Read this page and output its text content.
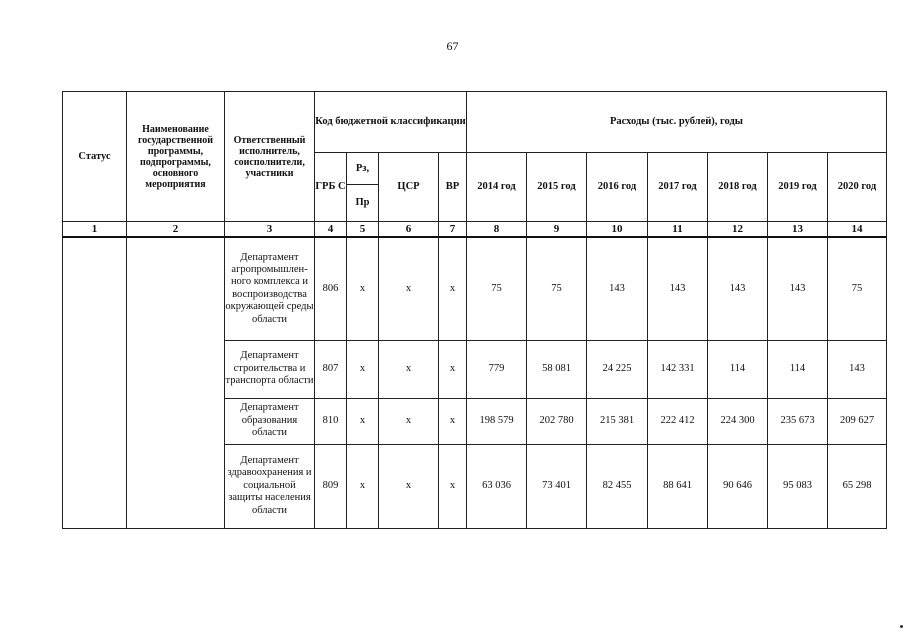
67
Статус	Наименование государственной программы, подпрограммы, основного мероприятия	Ответственный исполнитель, соисполнители, участники	Код бюджетной классификации				Расходы (тыс. рублей), годы						
			ГРБ С	Рз,	ЦСР	ВР	2014 год	2015 год	2016 год	2017 год	2018 год	2019 год	2020 год
				Пр									
1	2	3	4	5	6	7	8	9	10	11	12	13	14
		Департамент агропромышлен-ного комплекса и воспроизводства окружающей среды области	806	x	x	x	75	75	143	143	143	143	75
		Департамент строительства и транспорта области	807	x	x	x	779	58 081	24 225	142 331	114	114	143
		Департамент образования области	810	x	x	x	198 579	202 780	215 381	222 412	224 300	235 673	209 627
		Департамент здравоохранения и социальной защиты населения области	809	x	x	x	63 036	73 401	82 455	88 641	90 646	95 083	65 298
